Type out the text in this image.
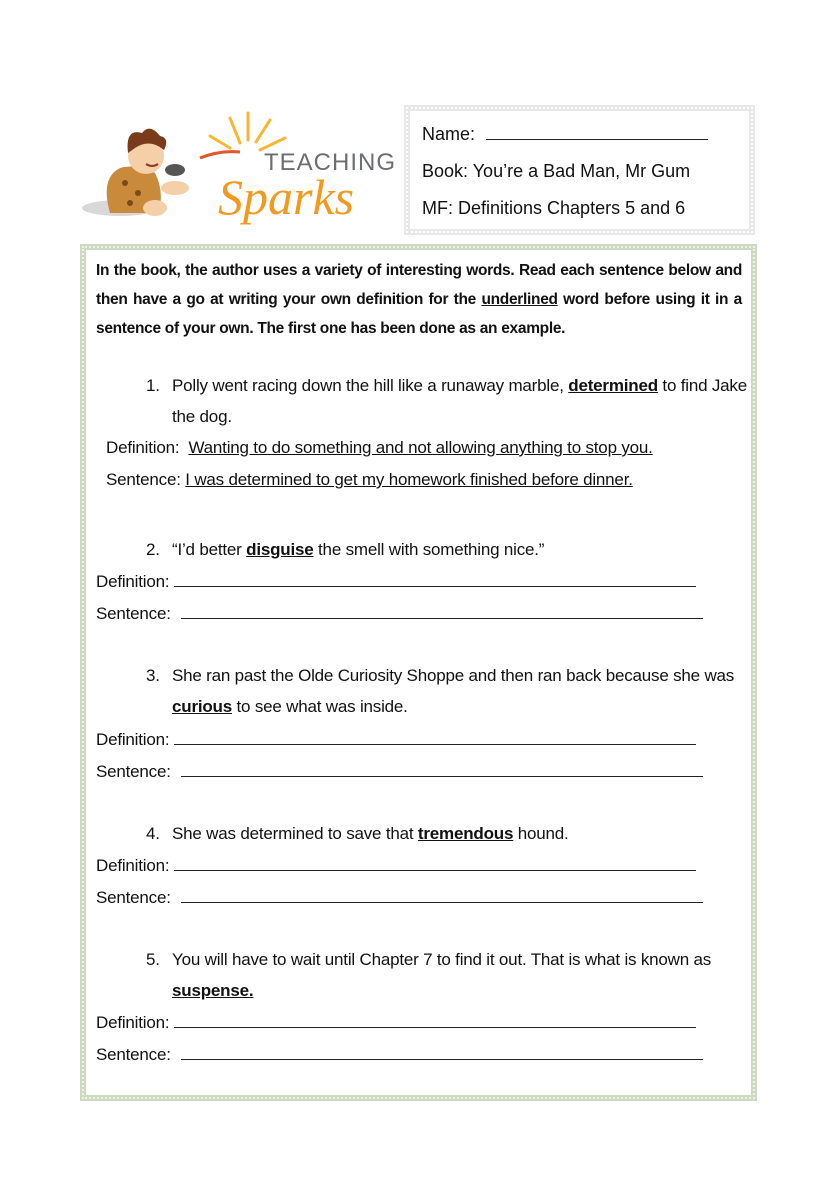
TEACHING
Sparks
Name:
Book: You’re a Bad Man, Mr Gum
MF: Definitions Chapters 5 and 6
In the book, the author uses a variety of interesting words. Read each sentence below and then have a go at writing your own definition for the underlined word before using it in a sentence of your own. The first one has been done as an example.
1. Polly went racing down the hill like a runaway marble, determined to find Jake the dog.
Definition: Wanting to do something and not allowing anything to stop you.
Sentence: I was determined to get my homework finished before dinner.
2. “I’d better disguise the smell with something nice.”
Definition:
Sentence:
3. She ran past the Olde Curiosity Shoppe and then ran back because she was curious to see what was inside.
Definition:
Sentence:
4. She was determined to save that tremendous hound.
Definition:
Sentence:
5. You will have to wait until Chapter 7 to find it out. That is what is known as suspense.
Definition:
Sentence:
